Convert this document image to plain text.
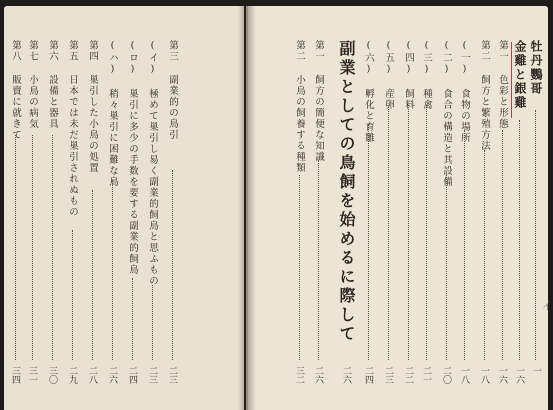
第三 副業的の鳥引
二三
(イ) 極めて巣引し易く副業的飼鳥と思ふもの
二三
(ロ) 巣引に多少の手数を要する副業的飼鳥
二四
(ハ) 稍々巣引に困難な鳥
二六
第四 巣引した小鳥の処置
二八
第五 日本では未だ巣引されぬもの
二九
第六 設備と器具
三〇
第七 小鳥の病気
三一
第八 販賣に就きて
三四
牡丹鸚哥
一
金雞と銀雞
一六
第一 色彩と形態
一六
第二 飼方と繁殖方法
一八
(一) 食物の場所
一八
(二) 食合の構造と其設備
二〇
(三) 種禽
二一
(四) 飼料
二二
(五) 産卵
二三
(六) 孵化と育雛
二四
副業としての鳥飼を始めるに際して
二六
第一 飼方の簡便な知識
二六
第二 小鳥の飼養する種類
三二
イ
